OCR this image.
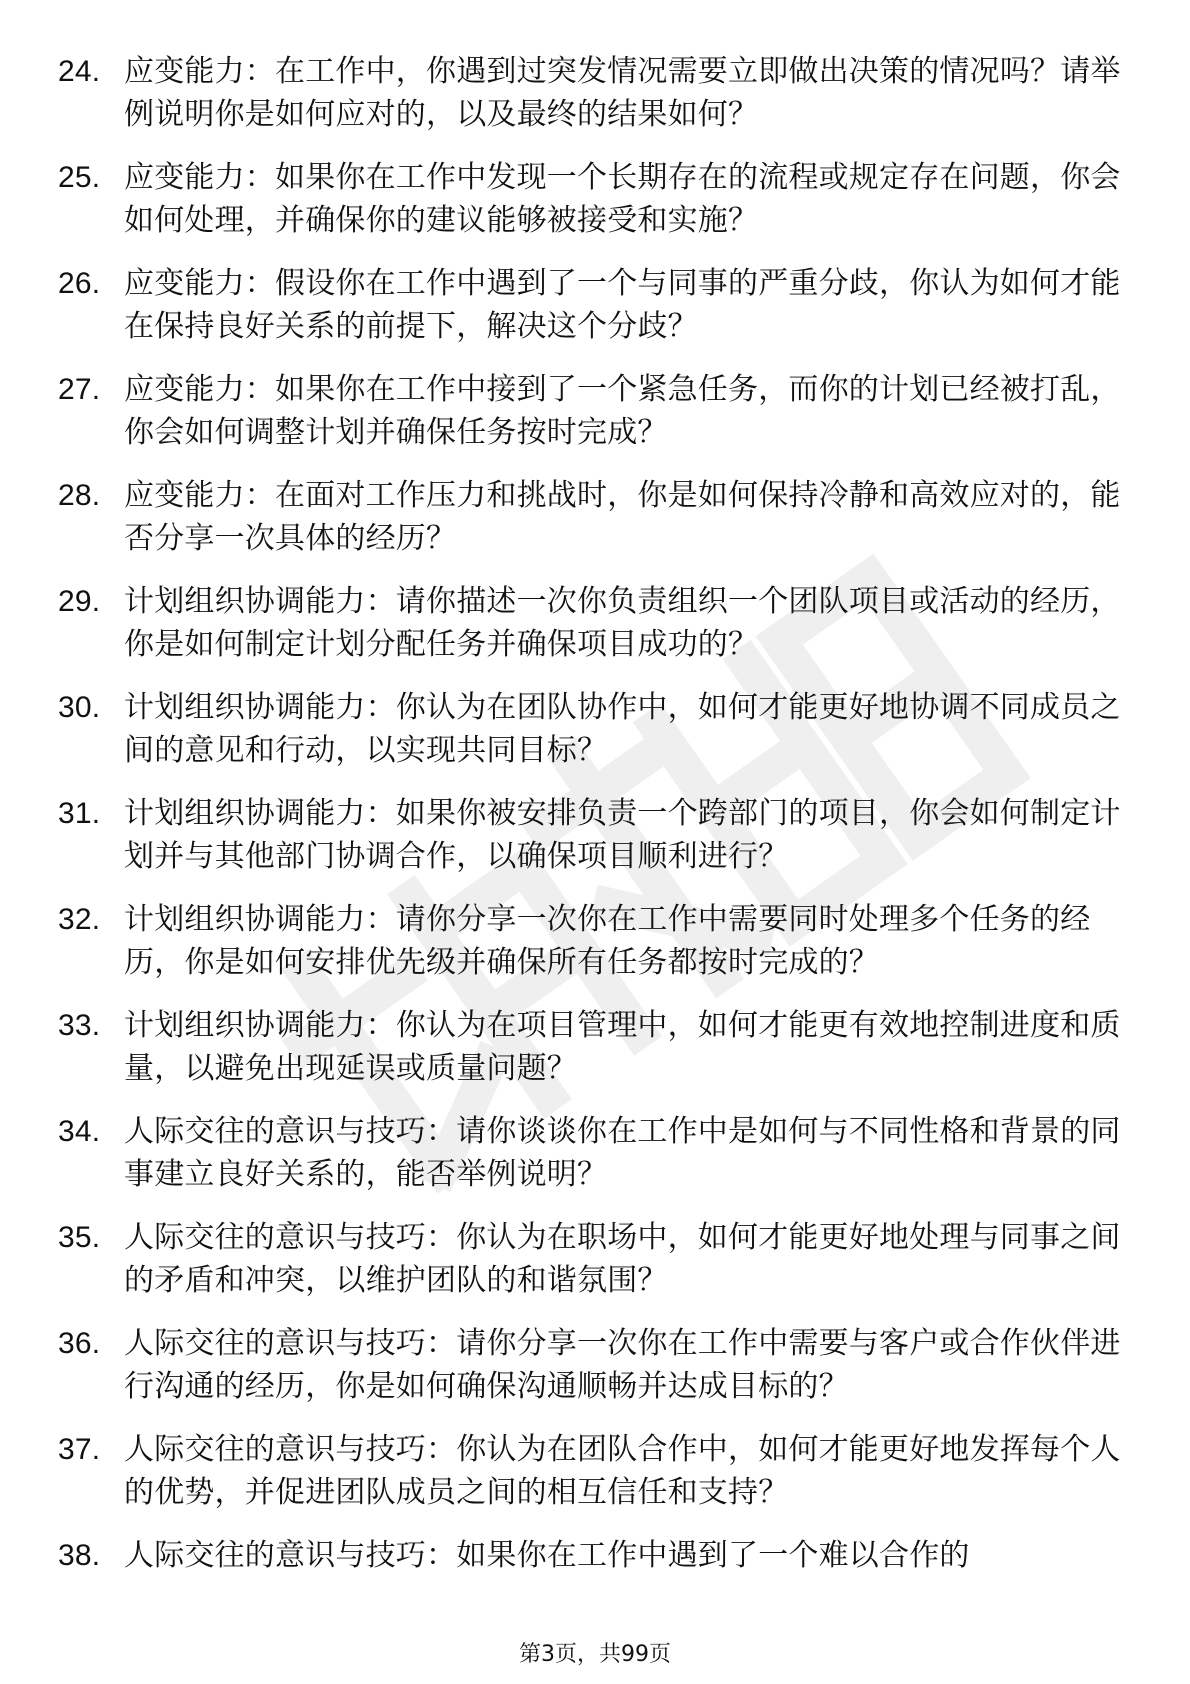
24. 应变能力：在工作中，你遇到过突发情况需要立即做出决策的情况吗？请举例说明你是如何应对的，以及最终的结果如何？
25. 应变能力：如果你在工作中发现一个长期存在的流程或规定存在问题，你会如何处理，并确保你的建议能够被接受和实施？
26. 应变能力：假设你在工作中遇到了一个与同事的严重分歧，你认为如何才能在保持良好关系的前提下，解决这个分歧？
27. 应变能力：如果你在工作中接到了一个紧急任务，而你的计划已经被打乱，你会如何调整计划并确保任务按时完成？
28. 应变能力：在面对工作压力和挑战时，你是如何保持冷静和高效应对的，能否分享一次具体的经历？
29. 计划组织协调能力：请你描述一次你负责组织一个团队项目或活动的经历，你是如何制定计划分配任务并确保项目成功的？
30. 计划组织协调能力：你认为在团队协作中，如何才能更好地协调不同成员之间的意见和行动，以实现共同目标？
31. 计划组织协调能力：如果你被安排负责一个跨部门的项目，你会如何制定计划并与其他部门协调合作，以确保项目顺利进行？
32. 计划组织协调能力：请你分享一次你在工作中需要同时处理多个任务的经历，你是如何安排优先级并确保所有任务都按时完成的？
33. 计划组织协调能力：你认为在项目管理中，如何才能更有效地控制进度和质量，以避免出现延误或质量问题？
34. 人际交往的意识与技巧：请你谈谈你在工作中是如何与不同性格和背景的同事建立良好关系的，能否举例说明？
35. 人际交往的意识与技巧：你认为在职场中，如何才能更好地处理与同事之间的矛盾和冲突，以维护团队的和谐氛围？
36. 人际交往的意识与技巧：请你分享一次你在工作中需要与客户或合作伙伴进行沟通的经历，你是如何确保沟通顺畅并达成目标的？
37. 人际交往的意识与技巧：你认为在团队合作中，如何才能更好地发挥每个人的优势，并促进团队成员之间的相互信任和支持？
38. 人际交往的意识与技巧：如果你在工作中遇到了一个难以合作的
第3页，共99页
